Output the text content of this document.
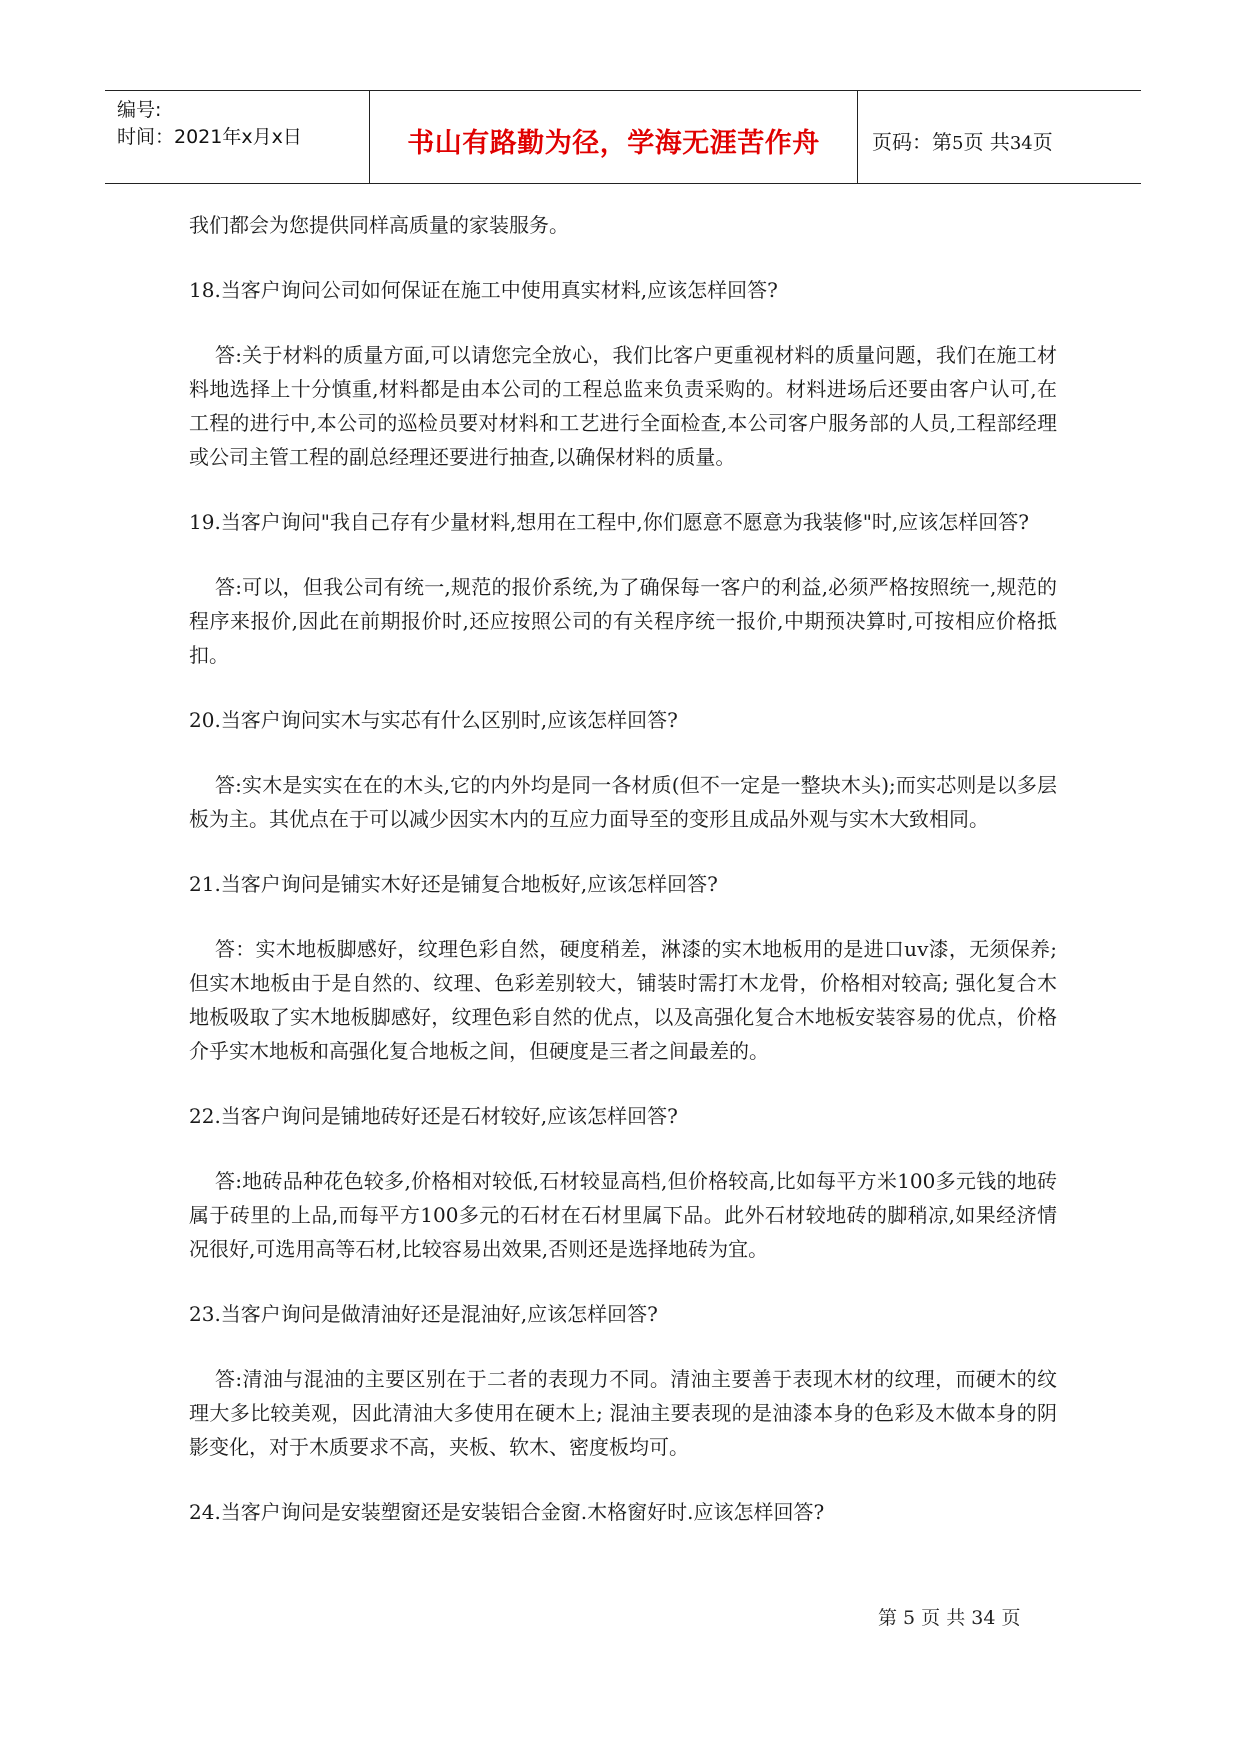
编号:
时间：2021年x月x日	书山有路勤为径，学海无涯苦作舟	页码：第5页 共34页

我们都会为您提供同样高质量的家装服务。

18.当客户询问公司如何保证在施工中使用真实材料,应该怎样回答?

答:关于材料的质量方面,可以请您完全放心，我们比客户更重视材料的质量问题，我们在施工材料地选择上十分慎重,材料都是由本公司的工程总监来负责采购的。材料进场后还要由客户认可,在工程的进行中,本公司的巡检员要对材料和工艺进行全面检查,本公司客户服务部的人员,工程部经理或公司主管工程的副总经理还要进行抽查,以确保材料的质量。

19.当客户询问"我自己存有少量材料,想用在工程中,你们愿意不愿意为我装修"时,应该怎样回答?

答:可以，但我公司有统一,规范的报价系统,为了确保每一客户的利益,必须严格按照统一,规范的程序来报价,因此在前期报价时,还应按照公司的有关程序统一报价,中期预决算时,可按相应价格抵扣。

20.当客户询问实木与实芯有什么区别时,应该怎样回答?

答:实木是实实在在的木头,它的内外均是同一各材质(但不一定是一整块木头);而实芯则是以多层板为主。其优点在于可以减少因实木内的互应力面导至的变形且成品外观与实木大致相同。

21.当客户询问是铺实木好还是铺复合地板好,应该怎样回答?

答：实木地板脚感好，纹理色彩自然，硬度稍差，淋漆的实木地板用的是进口uv漆，无须保养; 但实木地板由于是自然的、纹理、色彩差别较大，铺装时需打木龙骨，价格相对较高; 强化复合木地板吸取了实木地板脚感好，纹理色彩自然的优点，以及高强化复合木地板安装容易的优点，价格介乎实木地板和高强化复合地板之间，但硬度是三者之间最差的。

22.当客户询问是铺地砖好还是石材较好,应该怎样回答?

答:地砖品种花色较多,价格相对较低,石材较显高档,但价格较高,比如每平方米100多元钱的地砖属于砖里的上品,而每平方100多元的石材在石材里属下品。此外石材较地砖的脚稍凉,如果经济情况很好,可选用高等石材,比较容易出效果,否则还是选择地砖为宜。

23.当客户询问是做清油好还是混油好,应该怎样回答?

答:清油与混油的主要区别在于二者的表现力不同。清油主要善于表现木材的纹理，而硬木的纹理大多比较美观，因此清油大多使用在硬木上; 混油主要表现的是油漆本身的色彩及木做本身的阴影变化，对于木质要求不高，夹板、软木、密度板均可。

24.当客户询问是安装塑窗还是安装铝合金窗.木格窗好时.应该怎样回答?

第 5 页 共 34 页
